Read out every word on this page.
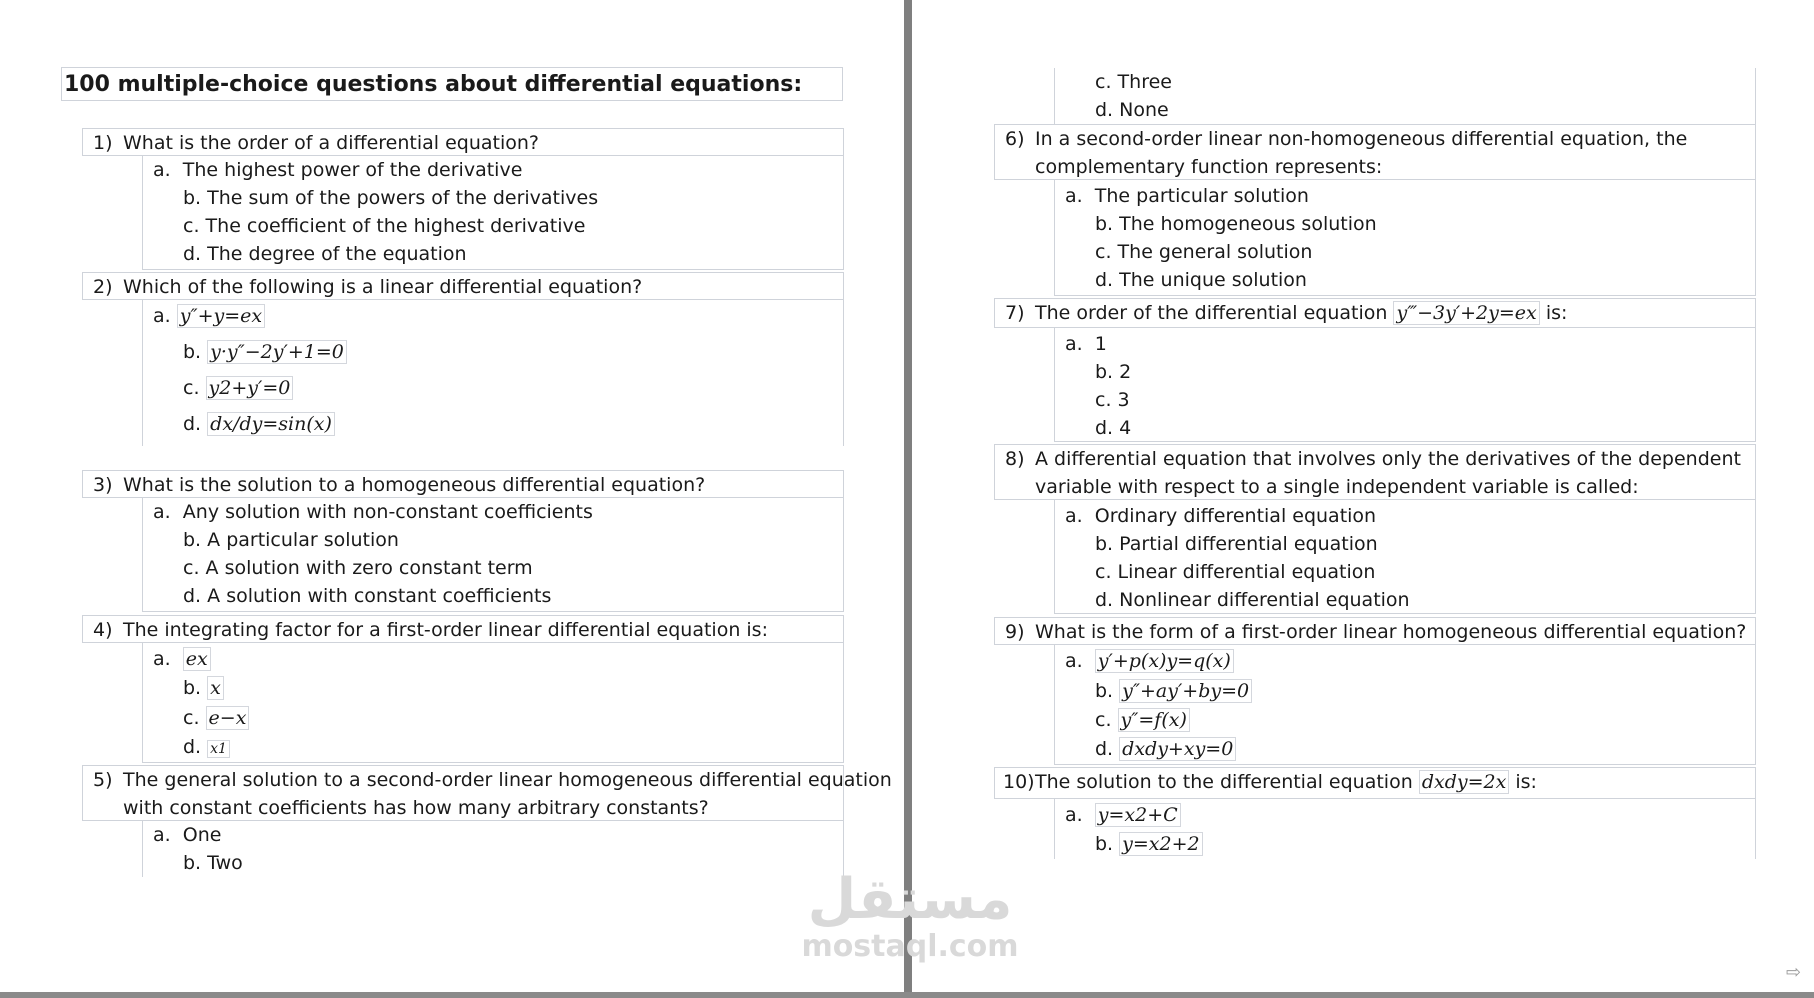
100 multiple-choice questions about differential equations:
1) What is the order of a differential equation?
a. The highest power of the derivative
b. The sum of the powers of the derivatives
c. The coefficient of the highest derivative
d. The degree of the equation
2) Which of the following is a linear differential equation?
a. y″+y=ex
b. y·y″−2y′+1=0
c. y2+y′=0
d. dx/dy=sin(x)
3) What is the solution to a homogeneous differential equation?
a. Any solution with non-constant coefficients
b. A particular solution
c. A solution with zero constant term
d. A solution with constant coefficients
4) The integrating factor for a first-order linear differential equation is:
a. ex
b. x
c. e−x
d. x1
5) The general solution to a second-order linear homogeneous differential equation
with constant coefficients has how many arbitrary constants?
a. One
b. Two
c. Three
d. None
6) In a second-order linear non-homogeneous differential equation, the
complementary function represents:
a. The particular solution
b. The homogeneous solution
c. The general solution
d. The unique solution
7) The order of the differential equation y‴−3y′+2y=ex is:
a. 1
b. 2
c. 3
d. 4
8) A differential equation that involves only the derivatives of the dependent
variable with respect to a single independent variable is called:
a. Ordinary differential equation
b. Partial differential equation
c. Linear differential equation
d. Nonlinear differential equation
9) What is the form of a first-order linear homogeneous differential equation?
a. y′+p(x)y=q(x)
b. y″+ay′+by=0
c. y″=f(x)
d. dxdy+xy=0
10) The solution to the differential equation dxdy=2x is:
a. y=x2+C
b. y=x2+2
مستقل
mostaql.com
⇨
